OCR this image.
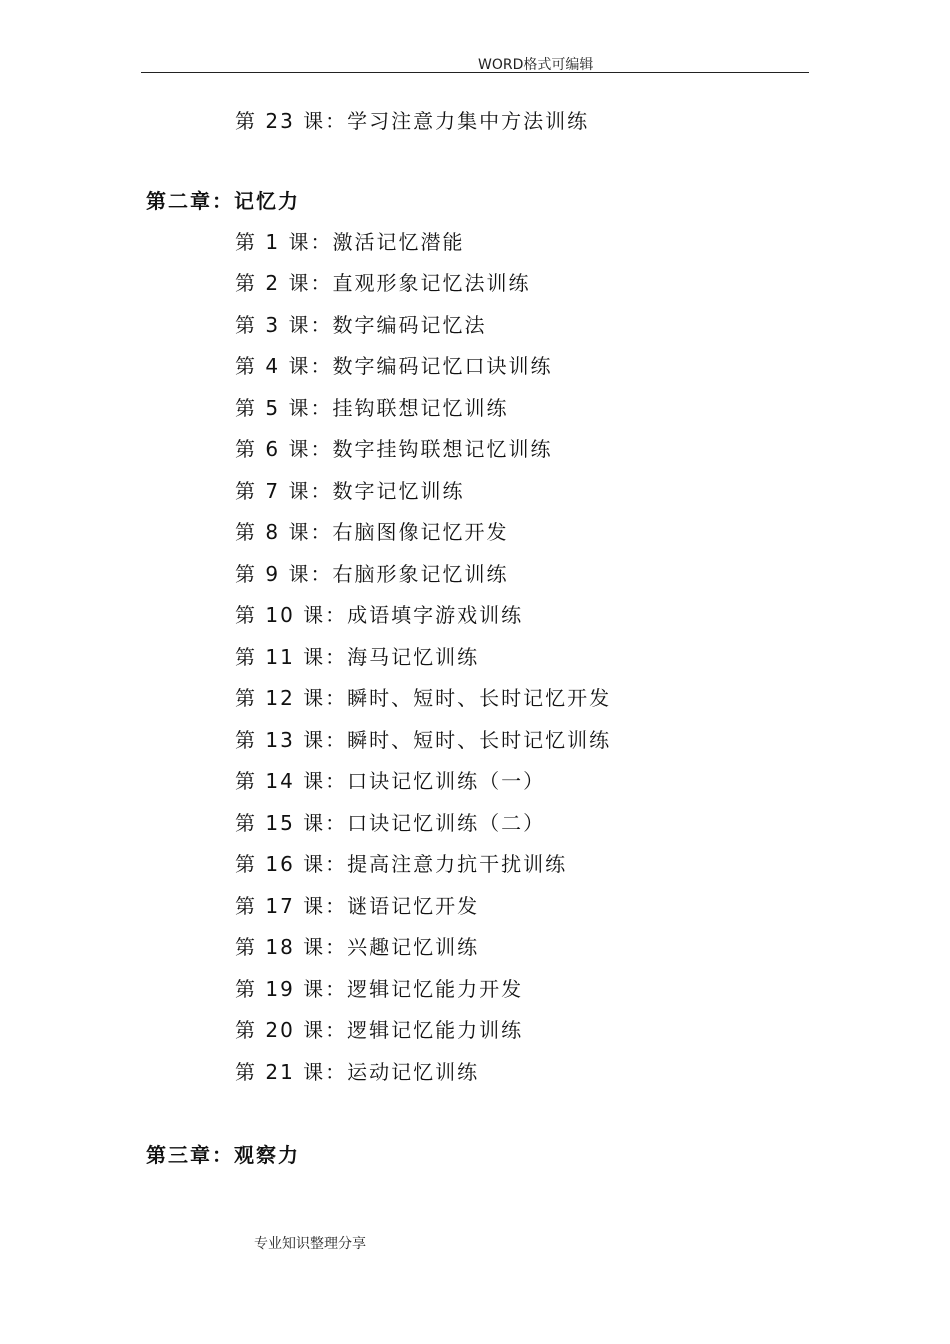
WORD格式可编辑
第 23 课：学习注意力集中方法训练
第二章：记忆力
第 1 课：激活记忆潜能
第 2 课：直观形象记忆法训练
第 3 课：数字编码记忆法
第 4 课：数字编码记忆口诀训练
第 5 课：挂钩联想记忆训练
第 6 课：数字挂钩联想记忆训练
第 7 课：数字记忆训练
第 8 课：右脑图像记忆开发
第 9 课：右脑形象记忆训练
第 10 课：成语填字游戏训练
第 11 课：海马记忆训练
第 12 课：瞬时、短时、长时记忆开发
第 13 课：瞬时、短时、长时记忆训练
第 14 课：口诀记忆训练（一）
第 15 课：口诀记忆训练（二）
第 16 课：提高注意力抗干扰训练
第 17 课：谜语记忆开发
第 18 课：兴趣记忆训练
第 19 课：逻辑记忆能力开发
第 20 课：逻辑记忆能力训练
第 21 课：运动记忆训练
第三章：观察力
专业知识整理分享
